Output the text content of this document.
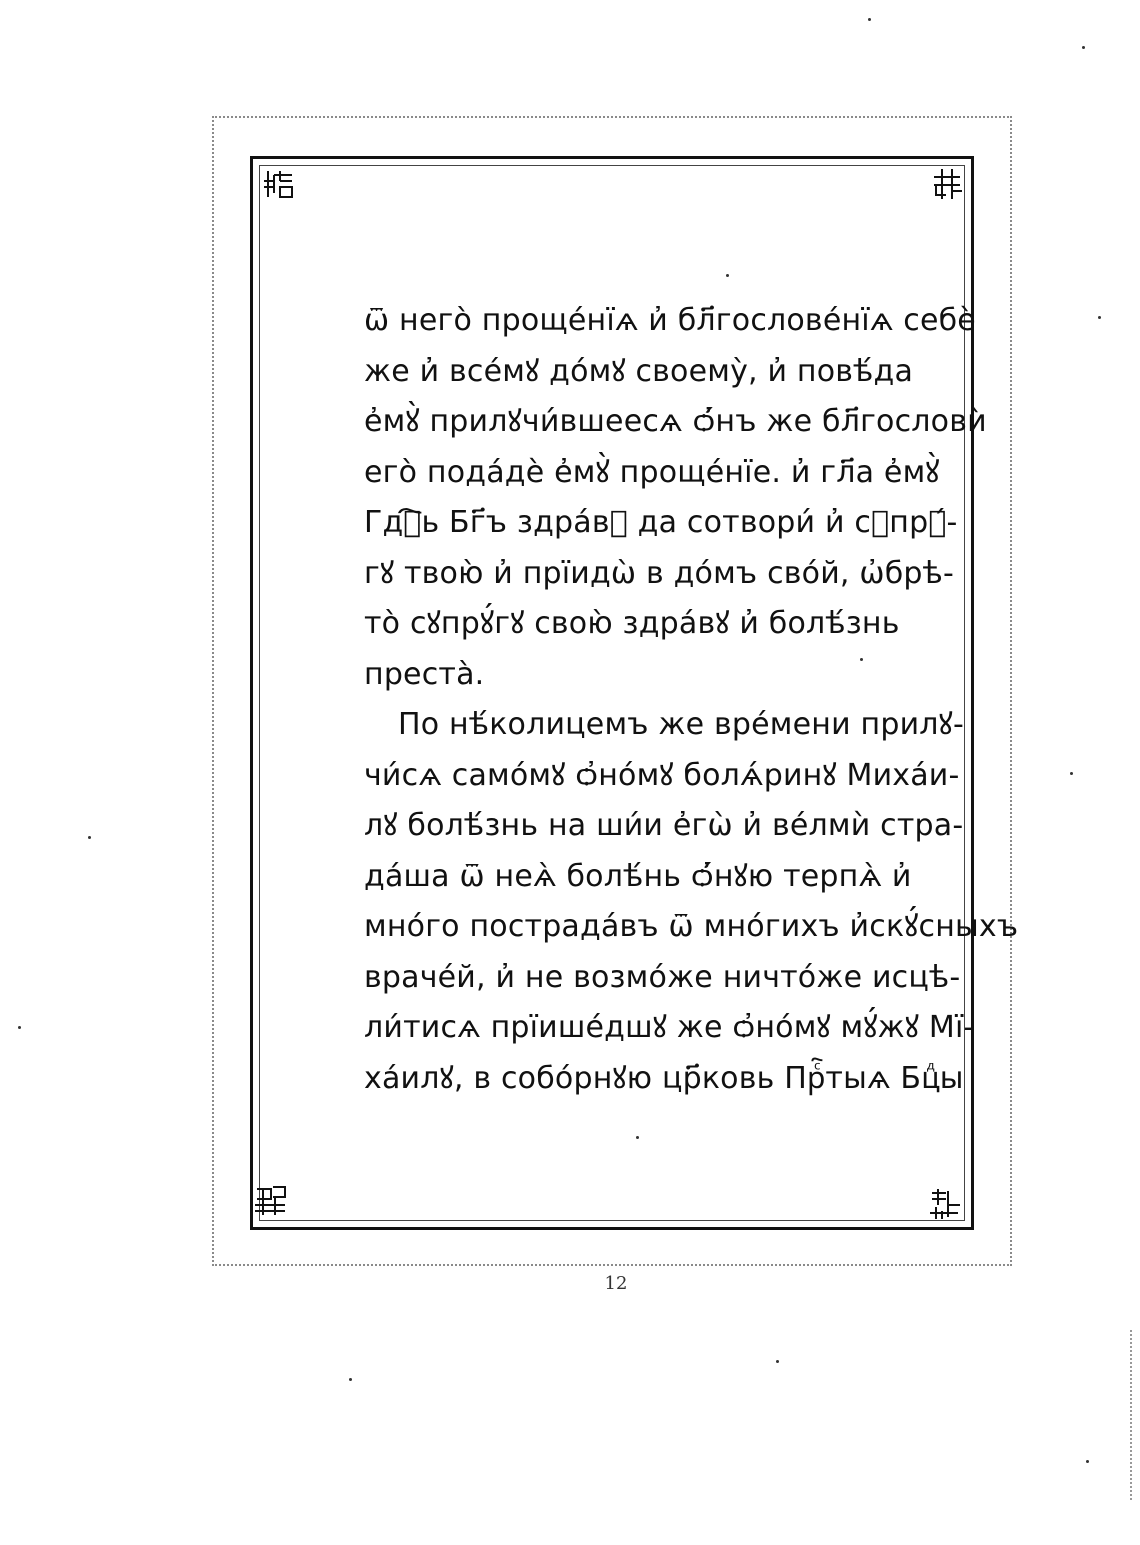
ѿ него̀ проще́нїѧ и҆ бл҃гослове́нїѧ себѐ
же и҆ все́мꙋ до́мꙋ своему̀, и҆ повѣ́да
е҆мꙋ̀ прилꙋчи́вшеесѧ ѻ҆́нъ же бл҃гословѝ
его̀ пода́дѐ е҆мꙋ̀ проще́нїе. и҆ гл҃а е҆мꙋ̀
Гдⷭ҇ь Бг҃ъ здра́вꙋ да сотвори́ и҆ сꙋпрꙋ́-
гꙋ твою̀ и҆ прїидѡ̀ в до́мъ сво́й, ѡ҆брѣ-
то̀ сꙋпрꙋ́гꙋ свою̀ здра́вꙋ и҆ болѣ́знь
преста̀.
По нѣ́колицемъ же вре́мени прилꙋ-
чи́сѧ само́мꙋ ѻ҆но́мꙋ болѧ́ринꙋ Миха́и-
лꙋ болѣ́знь на ши́и е҆гѡ̀ и҆ ве́лмѝ стра-
да́ша ѿ неѧ̀ болѣ́нь ѻ҆́нꙋю терпѧ̀ и҆
мно́го пострада́въ ѿ мно́гихъ и҆скꙋ́сныхъ
враче́й, и҆ не возмо́же ничто́же исцѣ-
ли́тисѧ прїише́дшꙋ же ѻ҆но́мꙋ мꙋ́жꙋ Мї-
ха́илꙋ, в собо́рнꙋю цр҃ковь Прⷭ҇тыѧ Бцⷣы
12
